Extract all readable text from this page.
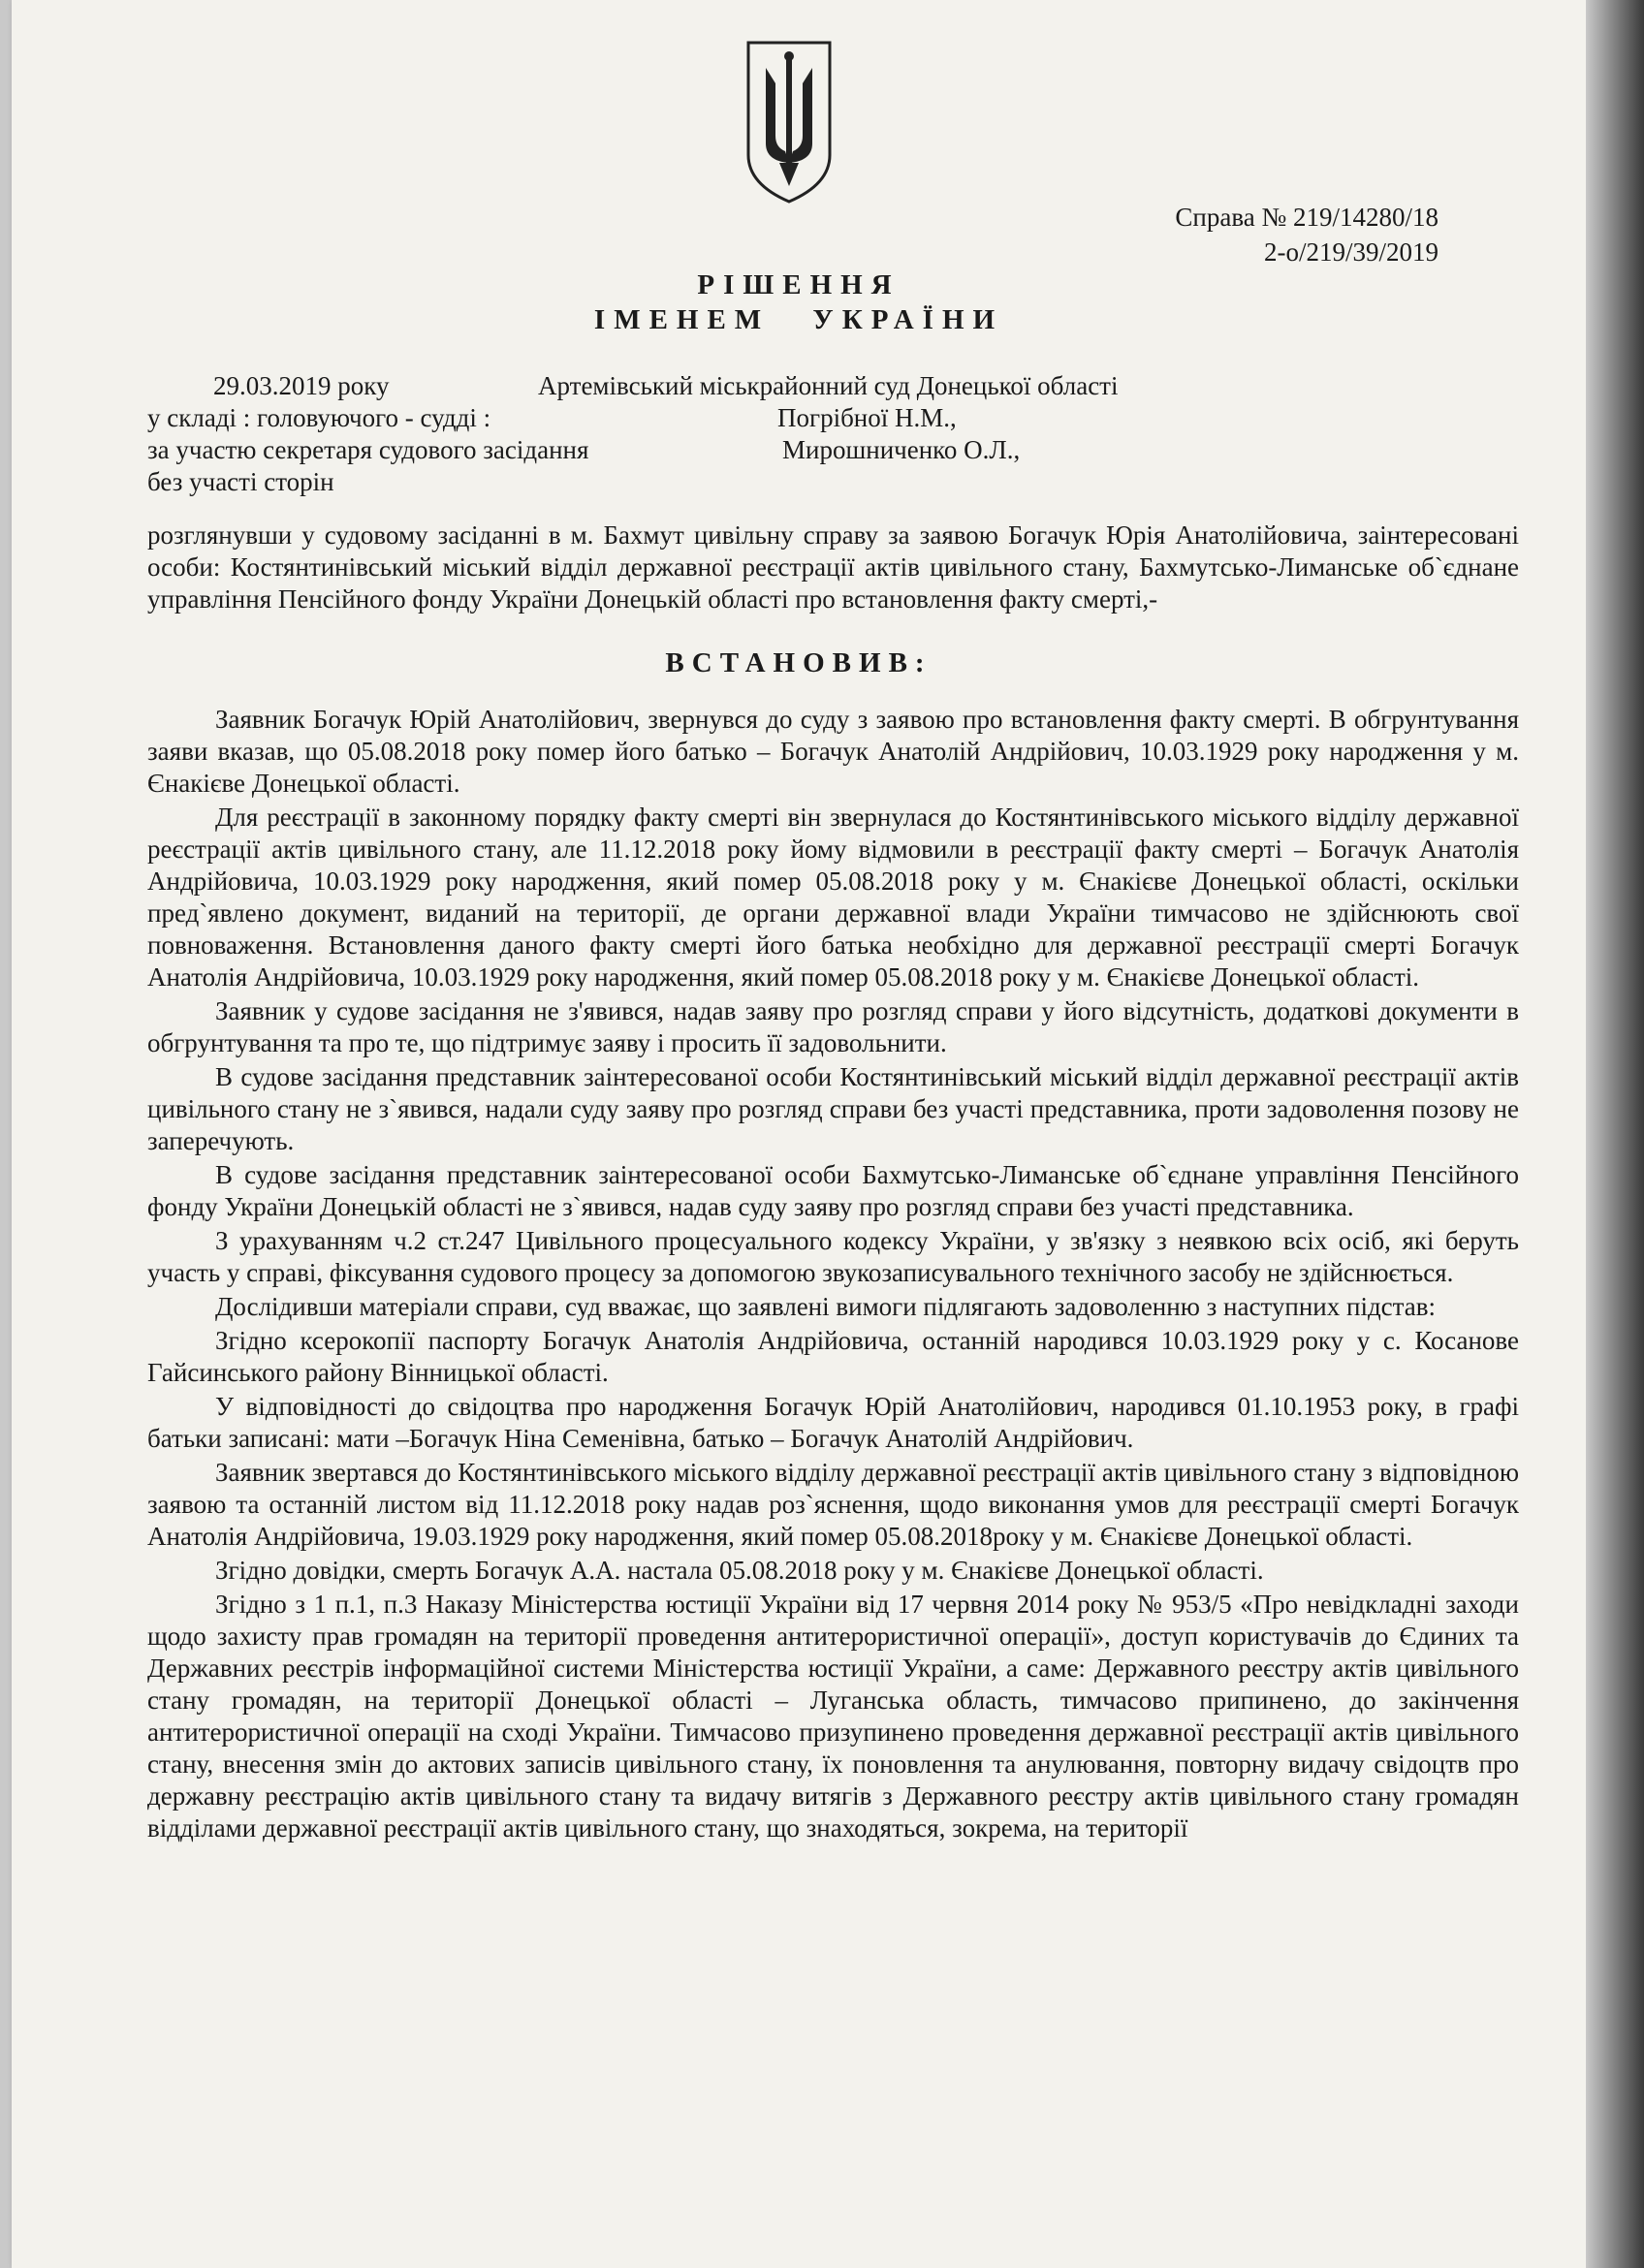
Справа № 219/14280/18
2-о/219/39/2019
РІШЕННЯ
ІМЕНЕМ УКРАЇНИ
29.03.2019 року	Артемівський міськрайонний суд Донецької області
у складі : головуючого - судді :	Погрібної Н.М.,
за участю секретаря судового засідання	Мирошниченко О.Л.,
без участі сторін
розглянувши у судовому засіданні в м. Бахмут цивільну справу за заявою Богачук Юрія Анатолійовича, заінтересовані особи: Костянтинівський міський відділ державної реєстрації актів цивільного стану, Бахмутсько-Лиманське об`єднане управління Пенсійного фонду України Донецькій області про встановлення факту смерті,-
ВСТАНОВИВ:

Заявник Богачук Юрій Анатолійович, звернувся до суду з заявою про встановлення факту смерті. В обгрунтування заяви вказав, що 05.08.2018 року помер його батько – Богачук Анатолій Андрійович, 10.03.1929 року народження у м. Єнакієве Донецької області.

Для реєстрації в законному порядку факту смерті він звернулася до Костянтинівського міського відділу державної реєстрації актів цивільного стану, але 11.12.2018 року йому відмовили в реєстрації факту смерті – Богачук Анатолія Андрійовича, 10.03.1929 року народження, який помер 05.08.2018 року у м. Єнакієве Донецької області, оскільки пред`явлено документ, виданий на території, де органи державної влади України тимчасово не здійснюють свої повноваження. Встановлення даного факту смерті його батька необхідно для державної реєстрації смерті Богачук Анатолія Андрійовича, 10.03.1929 року народження, який помер 05.08.2018 року у м. Єнакієве Донецької області.

Заявник у судове засідання не з'явився, надав заяву про розгляд справи у його відсутність, додаткові документи в обгрунтування та про те, що підтримує заяву і просить її задовольнити.

В судове засідання представник заінтересованої особи Костянтинівський міський відділ державної реєстрації актів цивільного стану не з`явився, надали суду заяву про розгляд справи без участі представника, проти задоволення позову не заперечують.

В судове засідання представник заінтересованої особи Бахмутсько-Лиманське об`єднане управління Пенсійного фонду України Донецькій області не з`явився, надав суду заяву про розгляд справи без участі представника.

З урахуванням ч.2 ст.247 Цивільного процесуального кодексу України, у зв'язку з неявкою всіх осіб, які беруть участь у справі, фіксування судового процесу за допомогою звукозаписувального технічного засобу не здійснюється.

Дослідивши матеріали справи, суд вважає, що заявлені вимоги підлягають задоволенню з наступних підстав:

Згідно ксерокопії паспорту Богачук Анатолія Андрійовича, останній народився 10.03.1929 року у с. Косанове Гайсинського району Вінницької області.

У відповідності до свідоцтва про народження Богачук Юрій Анатолійович, народився 01.10.1953 року, в графі батьки записані: мати –Богачук Ніна Семенівна, батько – Богачук Анатолій Андрійович.

Заявник звертався до Костянтинівського міського відділу державної реєстрації актів цивільного стану з відповідною заявою та останній листом від 11.12.2018 року надав роз`яснення, щодо виконання умов для реєстрації смерті Богачук Анатолія Андрійовича, 19.03.1929 року народження, який помер 05.08.2018року у м. Єнакієве Донецької області.

Згідно довідки, смерть Богачук А.А. настала 05.08.2018 року у м. Єнакієве Донецької області.

Згідно з 1 п.1, п.3 Наказу Міністерства юстиції України від 17 червня 2014 року № 953/5 «Про невідкладні заходи щодо захисту прав громадян на території проведення антитерористичної операції», доступ користувачів до Єдиних та Державних реєстрів інформаційної системи Міністерства юстиції України, а саме: Державного реєстру актів цивільного стану громадян, на території Донецької області – Луганська область, тимчасово припинено, до закінчення антитерористичної операції на сході України. Тимчасово призупинено проведення державної реєстрації актів цивільного стану, внесення змін до актових записів цивільного стану, їх поновлення та анулювання, повторну видачу свідоцтв про державну реєстрацію актів цивільного стану та видачу витягів з Державного реєстру актів цивільного стану громадян відділами державної реєстрації актів цивільного стану, що знаходяться, зокрема, на території
